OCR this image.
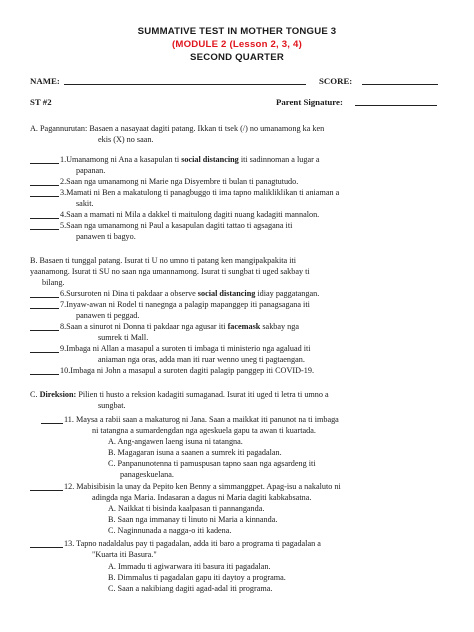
SUMMATIVE TEST IN MOTHER TONGUE 3
(MODULE 2 (Lesson 2, 3, 4)
SECOND QUARTER
NAME:	SCORE:
ST #2	Parent Signature:
A. Pagannurutan: Basaen a nasayaat dagiti patang. Ikkan ti tsek (/) no umanamong ka ken
ekis (X) no saan.
1.Umanamong ni Ana a kasapulan ti social distancing iti sadinnoman a lugar a
papanan.
2.Saan nga umanamong ni Marie nga Disyembre ti bulan ti panagtutudo.
3.Mamati ni Ben a makatulong ti panagbuggo ti ima tapno malikliklikan ti aniaman a
sakit.
4.Saan a mamati ni Mila a dakkel ti maitulong dagiti nuang kadagiti mannalon.
5.Saan nga umanamong ni Paul a kasapulan dagiti tattao ti agsagana iti
panawen ti bagyo.
B. Basaen ti tunggal patang. Isurat ti U no umno ti patang ken mangipakpakita iti
yaanamong. Isurat ti SU no saan nga umannamong. Isurat ti sungbat ti uged sakbay ti
bilang.
6.Sursuroten ni Dina ti pakdaar a observe social distancing idiay paggatangan.
7.Inyaw-awan ni Rodel ti nanegnga a palagip mapanggep iti panagsagana iti
panawen ti peggad.
8.Saan a sinurot ni Donna ti pakdaar nga agusar iti facemask sakbay nga
sumrek ti Mall.
9.Imbaga ni Allan a masapul a suroten ti imbaga ti ministerio nga agaluad iti
aniaman nga oras, adda man iti ruar wenno uneg ti pagtaengan.
10.Imbaga ni John a masapul a suroten dagiti palagip panggep iti COVID-19.
C. Direksion: Pilien ti husto a reksion kadagiti sumaganad. Isurat iti uged ti letra ti umno a
sungbat.
11. Maysa a rabii saan a makaturog ni Jana. Saan a maikkat iti panunot na ti imbaga
ni tatangna a sumardengdan nga ageskuela gapu ta awan ti kuartada.
A. Ang-angawen laeng isuna ni tatangna.
B. Magagaran isuna a saanen a sumrek iti pagadalan.
C. Panpanunotenna ti pamuspusan tapno saan nga agsardeng iti
panageskuelana.
12. Mabisibisin la unay da Pepito ken Benny a simmanggpet. Apag-isu a nakaluto ni
adingda nga Maria. Indasaran a dagus ni Maria dagiti kabkabsatna.
A. Naikkat ti bisinda kaalpasan ti pannanganda.
B. Saan nga immanay ti linuto ni Maria a kinnanda.
C. Naginnunada a nagga-o iti kadena.
13. Tapno nadaldalus pay ti pagadalan, adda iti baro a programa ti pagadalan a
"Kuarta iti Basura."
A. Immadu ti agiwarwara iti basura iti pagadalan.
B. Dimmalus ti pagadalan gapu iti daytoy a programa.
C. Saan a nakibiang dagiti agad-adal iti programa.
